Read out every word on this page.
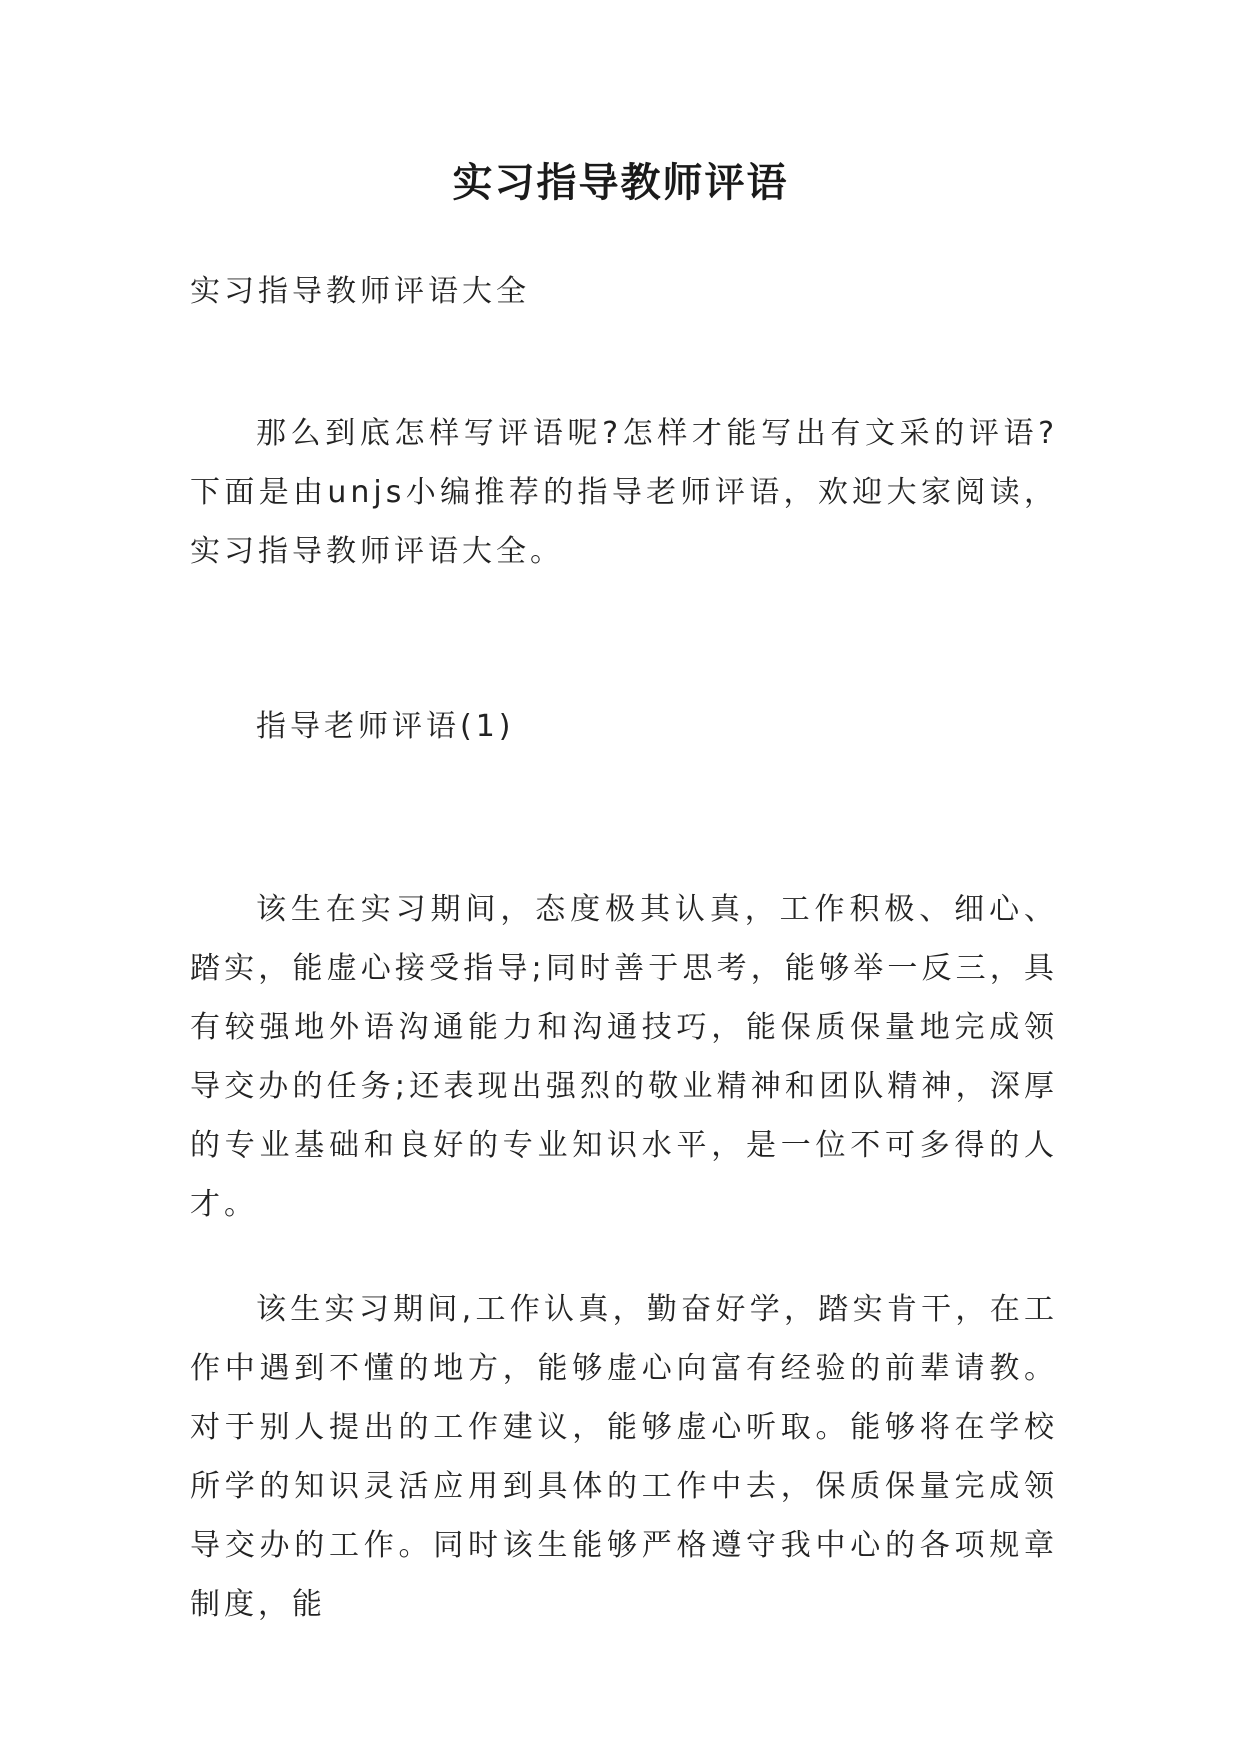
实习指导教师评语
实习指导教师评语大全
那么到底怎样写评语呢?怎样才能写出有文采的评语?下面是由unjs小编推荐的指导老师评语，欢迎大家阅读，实习指导教师评语大全。
指导老师评语(1)
该生在实习期间，态度极其认真，工作积极、细心、踏实，能虚心接受指导;同时善于思考，能够举一反三，具有较强地外语沟通能力和沟通技巧，能保质保量地完成领导交办的任务;还表现出强烈的敬业精神和团队精神，深厚的专业基础和良好的专业知识水平，是一位不可多得的人才。
该生实习期间,工作认真，勤奋好学，踏实肯干，在工作中遇到不懂的地方，能够虚心向富有经验的前辈请教。对于别人提出的工作建议，能够虚心听取。能够将在学校所学的知识灵活应用到具体的工作中去，保质保量完成领导交办的工作。同时该生能够严格遵守我中心的各项规章制度，能
